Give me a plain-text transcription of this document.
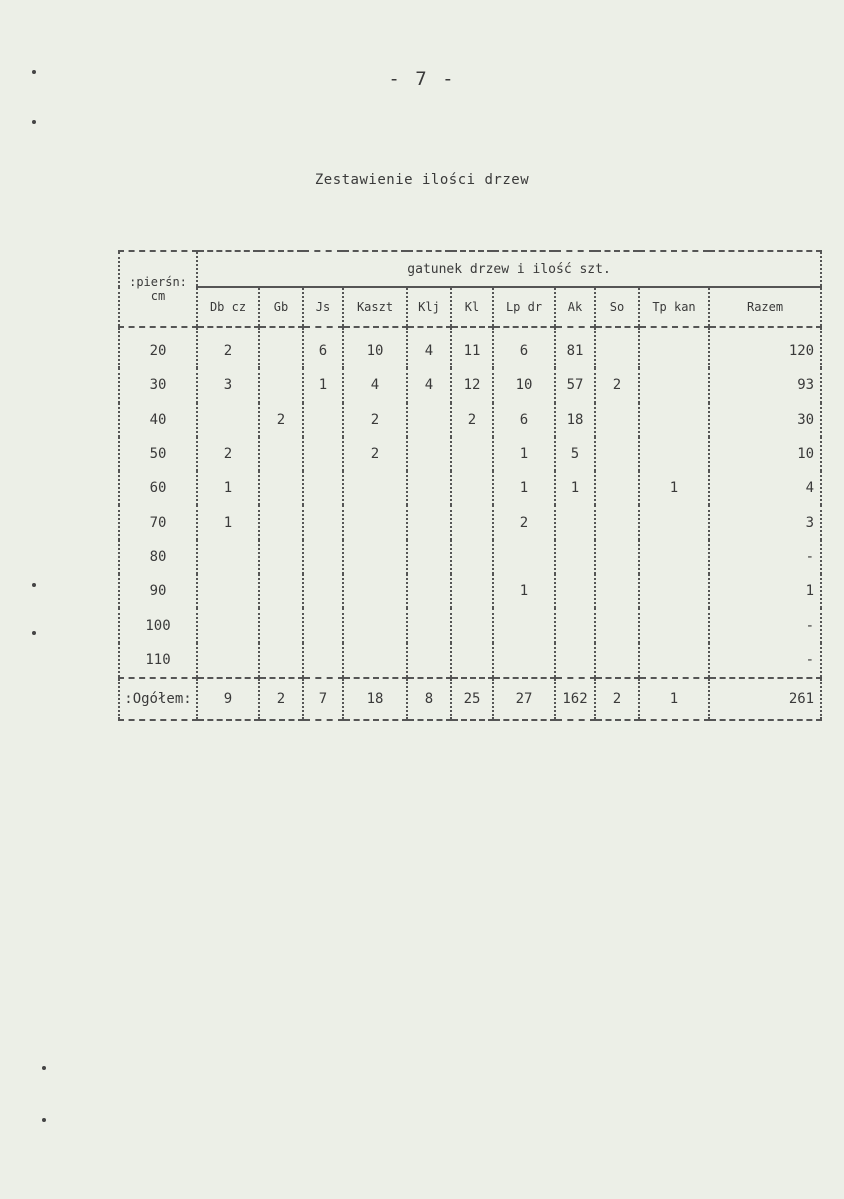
- 7 -
Zestawienie ilości drzew
:pierśn:
cm	gatunek drzew i ilość szt.										
	Db cz	Gb	Js	Kaszt	Klj	Kl	Lp dr	Ak	So	Tp kan	Razem
20	2		6	10	4	11	6	81			120
30	3		1	4	4	12	10	57	2		93
40		2		2		2	6	18			30
50	2			2			1	5			10
60	1						1	1		1	4
70	1						2				3
80											-
90							1				1
100											-
110											-
:Ogółem:	9	2	7	18	8	25	27	162	2	1	261
